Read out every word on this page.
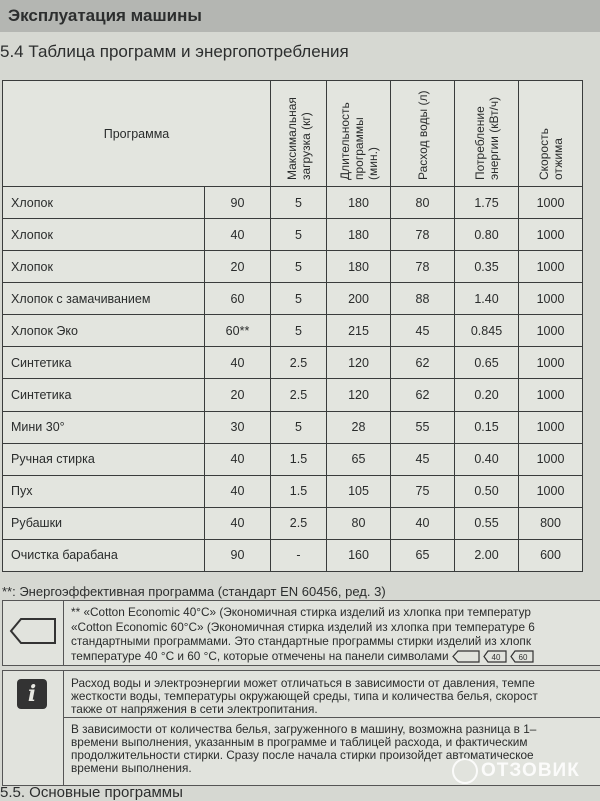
Эксплуатация машины
5.4 Таблица программ и энергопотребления
Программа		Максимальная загрузка (кг)	Длительность программы (мин.)	Расход воды (л)	Потребление энергии (кВт/ч)	Скорость отжима
Хлопок	90	5	180	80	1.75	1000
Хлопок	40	5	180	78	0.80	1000
Хлопок	20	5	180	78	0.35	1000
Хлопок с замачиванием	60	5	200	88	1.40	1000
Хлопок Эко	60**	5	215	45	0.845	1000
Синтетика	40	2.5	120	62	0.65	1000
Синтетика	20	2.5	120	62	0.20	1000
Мини 30°	30	5	28	55	0.15	1000
Ручная стирка	40	1.5	65	45	0.40	1000
Пух	40	1.5	105	75	0.50	1000
Рубашки	40	2.5	80	40	0.55	800
Очистка барабана	90	-	160	65	2.00	600
**: Энергоэффективная программа (стандарт EN 60456, ред. 3)
** «Cotton Economic 40°C» (Экономичная стирка изделий из хлопка при температур
«Cotton Economic 60°C» (Экономичная стирка изделий из хлопка при температуре 6
стандартными программами. Это стандартные программы стирки изделий из хлопк
температуре 40 °С и 60 °С, которые отмечены на панели символами	40
60
i	Расход воды и электроэнергии может отличаться в зависимости от давления, темпе
жесткости воды, температуры окружающей среды, типа и количества белья, скорост
также от напряжения в сети электропитания.
В зависимости от количества белья, загруженного в машину, возможна разница в 1–
времени выполнения, указанным в программе и таблицей расхода, и фактическим
продолжительности стирки. Сразу после начала стирки произойдет автоматическое
времени выполнения.
5.5. Основные программы
ОТЗОВИК
